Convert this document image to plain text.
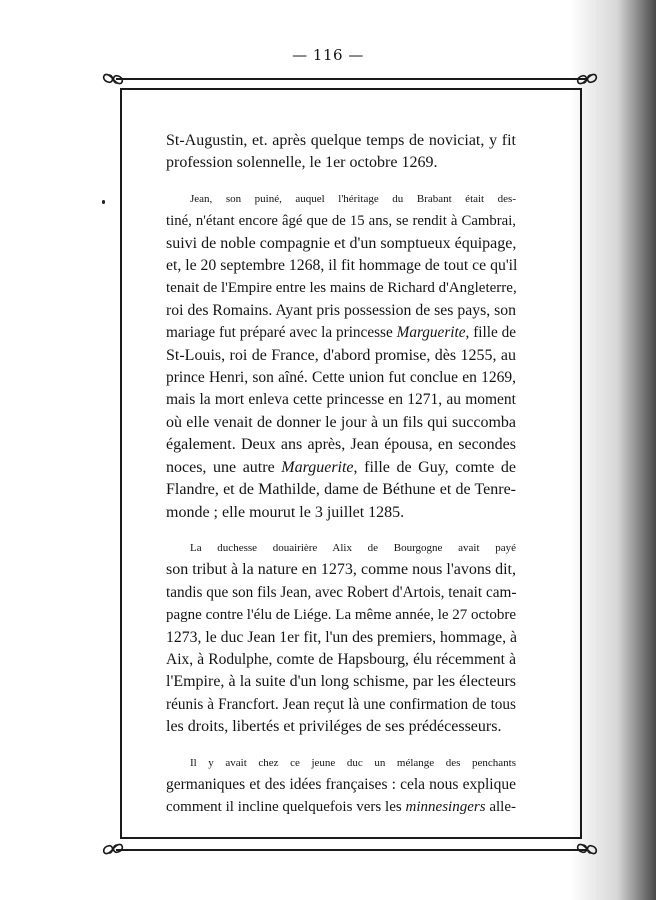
— 116 —

St-Augustin, et. après quelque temps de noviciat, y fit
profession solennelle, le 1er octobre 1269.

Jean, son puiné, auquel l'héritage du Brabant était des-
tiné, n'étant encore âgé que de 15 ans, se rendit à Cambrai,
suivi de noble compagnie et d'un somptueux équipage,
et, le 20 septembre 1268, il fit hommage de tout ce qu'il
tenait de l'Empire entre les mains de Richard d'Angleterre,
roi des Romains. Ayant pris possession de ses pays, son
mariage fut préparé avec la princesse Marguerite, fille de
St-Louis, roi de France, d'abord promise, dès 1255, au
prince Henri, son aîné. Cette union fut conclue en 1269,
mais la mort enleva cette princesse en 1271, au moment
où elle venait de donner le jour à un fils qui succomba
également. Deux ans après, Jean épousa, en secondes
noces, une autre Marguerite, fille de Guy, comte de
Flandre, et de Mathilde, dame de Béthune et de Tenre-
monde ; elle mourut le 3 juillet 1285.

La duchesse douairière Alix de Bourgogne avait payé
son tribut à la nature en 1273, comme nous l'avons dit,
tandis que son fils Jean, avec Robert d'Artois, tenait cam-
pagne contre l'élu de Liége. La même année, le 27 octobre
1273, le duc Jean 1er fit, l'un des premiers, hommage, à
Aix, à Rodulphe, comte de Hapsbourg, élu récemment à
l'Empire, à la suite d'un long schisme, par les électeurs
réunis à Francfort. Jean reçut là une confirmation de tous
les droits, libertés et priviléges de ses prédécesseurs.

Il y avait chez ce jeune duc un mélange des penchants
germaniques et des idées françaises : cela nous explique
comment il incline quelquefois vers les minnesingers alle-
